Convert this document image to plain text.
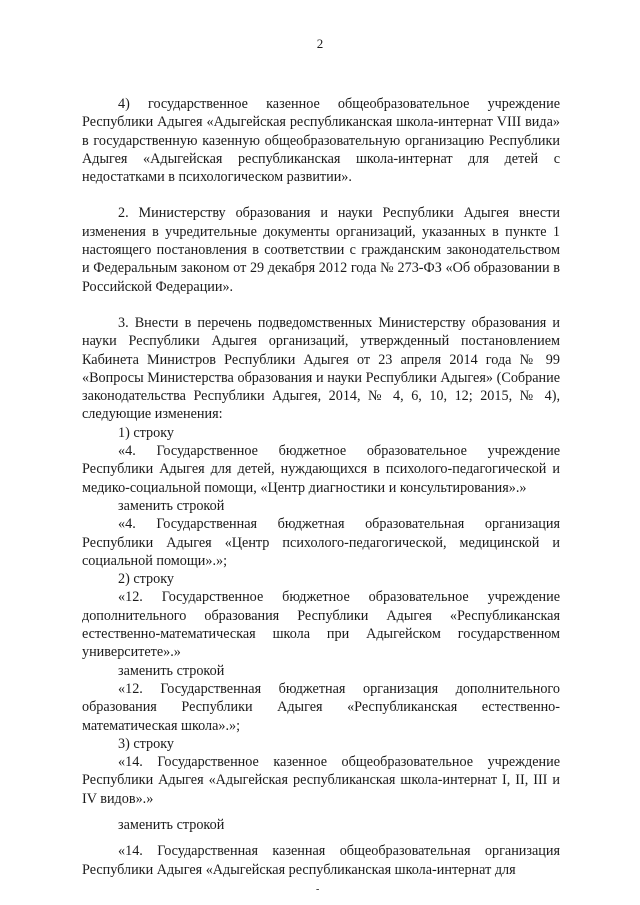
2

4) государственное казенное общеобразовательное учреждение Республики Адыгея «Адыгейская республиканская школа-интернат VIII вида» в государственную казенную общеобразовательную организацию Республики Адыгея «Адыгейская республиканская школа-интернат для детей с недостатками в психологическом развитии».

2. Министерству образования и науки Республики Адыгея внести изменения в учредительные документы организаций, указанных в пункте 1 настоящего постановления в соответствии с гражданским законодательством и Федеральным законом от 29 декабря 2012 года № 273-ФЗ «Об образовании в Российской Федерации».

3. Внести в перечень подведомственных Министерству образования и науки Республики Адыгея организаций, утвержденный постановлением Кабинета Министров Республики Адыгея от 23 апреля 2014 года № 99 «Вопросы Министерства образования и науки Республики Адыгея» (Собрание законодательства Республики Адыгея, 2014, № 4, 6, 10, 12; 2015, № 4), следующие изменения:

1) строку

«4. Государственное бюджетное образовательное учреждение Республики Адыгея для детей, нуждающихся в психолого-педагогической и медико-социальной помощи, «Центр диагностики и консультирования».»

заменить строкой

«4. Государственная бюджетная образовательная организация Республики Адыгея «Центр психолого-педагогической, медицинской и социальной помощи».»;

2) строку

«12. Государственное бюджетное образовательное учреждение дополнительного образования Республики Адыгея «Республиканская естественно-математическая школа при Адыгейском государственном университете».»

заменить строкой

«12. Государственная бюджетная организация дополнительного образования Республики Адыгея «Республиканская естественно-математическая школа».»;

3) строку

«14. Государственное казенное общеобразовательное учреждение Республики Адыгея «Адыгейская республиканская школа-интернат I, II, III и IV видов».»

заменить строкой

«14. Государственная казенная общеобразовательная организация Республики Адыгея «Адыгейская республиканская школа-интернат для

-
